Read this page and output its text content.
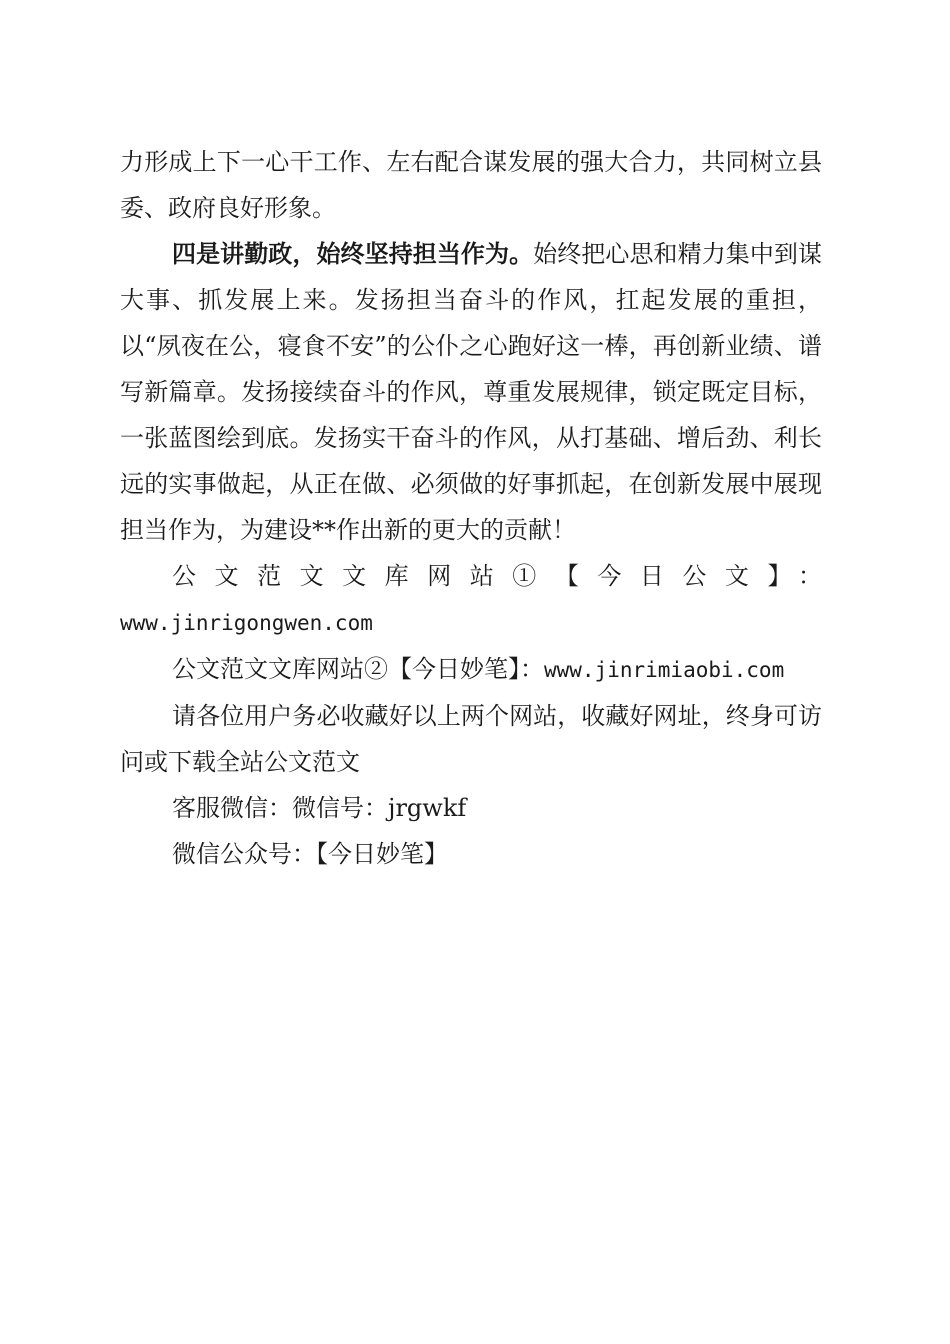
力形成上下一心干工作、左右配合谋发展的强大合力，共同树立县委、政府良好形象。

四是讲勤政，始终坚持担当作为。始终把心思和精力集中到谋大事、抓发展上来。发扬担当奋斗的作风，扛起发展的重担，以“夙夜在公，寝食不安”的公仆之心跑好这一棒，再创新业绩、谱写新篇章。发扬接续奋斗的作风，尊重发展规律，锁定既定目标，一张蓝图绘到底。发扬实干奋斗的作风，从打基础、增后劲、利长远的实事做起，从正在做、必须做的好事抓起，在创新发展中展现担当作为，为建设**作出新的更大的贡献！

公文范文文库网站①【今日公文】：

www.jinrigongwen.com

公文范文文库网站②【今日妙笔】：www.jinrimiaobi.com

请各位用户务必收藏好以上两个网站，收藏好网址，终身可访问或下载全站公文范文

客服微信：微信号：jrgwkf

微信公众号：【今日妙笔】
